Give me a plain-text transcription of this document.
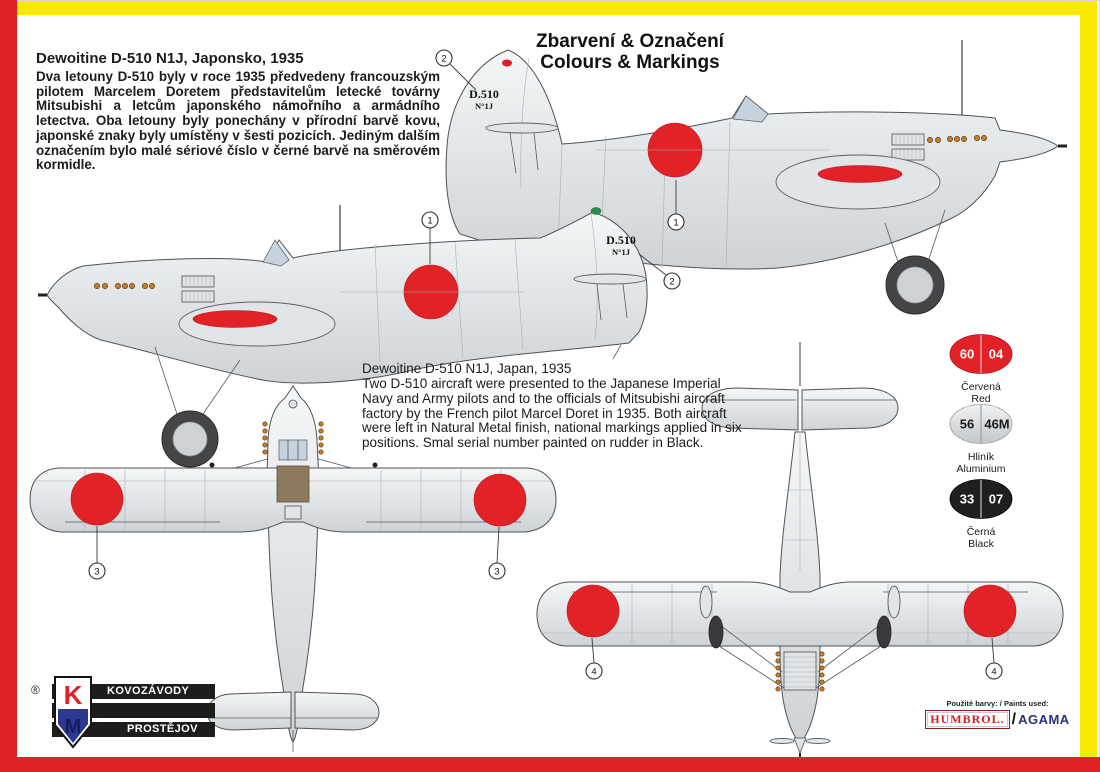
Dewoitine D-510 N1J, Japonsko, 1935
Dva letouny D-510 byly v roce 1935 předvedeny francouzským pilotem Marcelem Doretem představitelům letecké továrny Mitsubishi a letcům japonského námořního a armádního letectva. Oba letouny byly ponechány v přírodní barvě kovu, japonské znaky byly umístěny v šesti pozicích. Jediným dalším označením bylo malé sériové číslo v černé barvě na směrovém kormidle.
Zbarvení & Označení
Colours & Markings
Dewoitine D-510 N1J, Japan, 1935
Two D-510 aircraft were presented to the Japanese Imperial Navy and Army pilots and to the officials of Mitsubishi aircraft factory by the French pilot Marcel Doret in 1935. Both aircraft were left in Natural Metal finish, national markings applied in six positions. Smal serial number painted on rudder in Black.
D.510
N°1J
2
1
D.510
N°1J
1
2
3	3
4	4
60 04
Červená
Red
56 46M
Hliník
Aluminium
33 07
Černá
Black
®	KOVOZÁVODY
PROSTĚJOV
K
M
Použité barvy: / Paints used:
HUMBROL. / AGAMA
